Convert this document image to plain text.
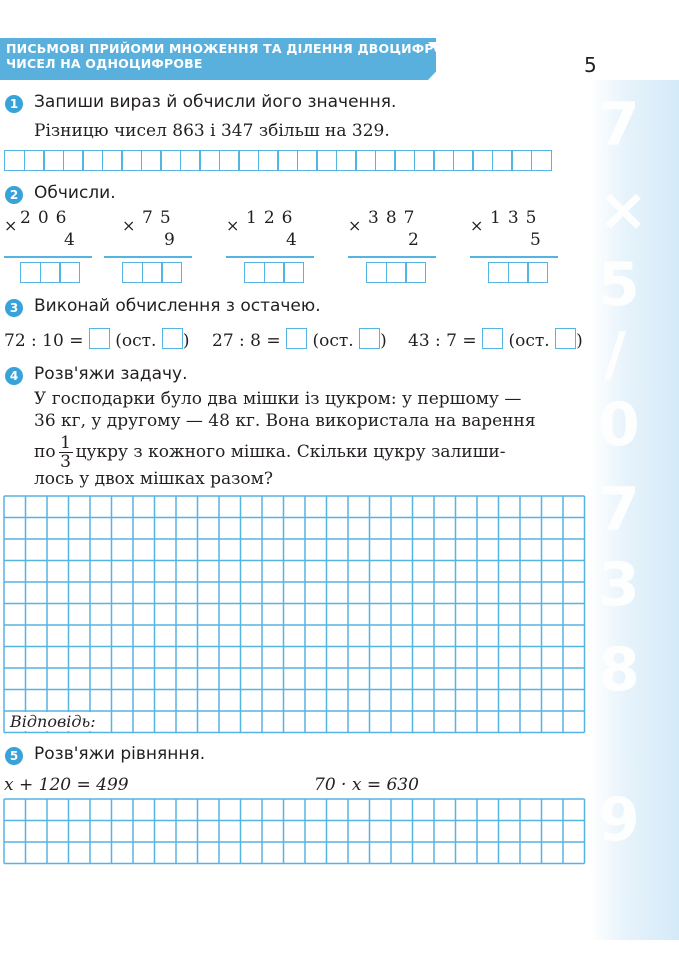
ПИСЬМОВІ ПРИЙОМИ МНОЖЕННЯ ТА ДІЛЕННЯ ДВОЦИФРОВИХ
ЧИСЕЛ НА ОДНОЦИФРОВЕ	5
7
×
5
/
0
7
3
8
9
1 Запиши вираз й обчисли його значення.
Різницю чисел 863 і 347 збільш на 329.
2 Обчисли.
× 206
4
× 75
9
× 126
4
× 387
2
× 135
5
3 Виконай обчислення з остачею.
72 : 10 = (ост. ) 27 : 8 = (ост. ) 43 : 7 = (ост. )
4 Розв'яжи задачу.
У господарки було два мішки із цукром: у першому —
36 кг, у другому — 48 кг. Вона використала на варення
по $\frac{1}{3}$ цукру з кожного мішка. Скільки цукру залиши-
лось у двох мішках разом?
Відповідь:
5 Розв'яжи рівняння.
x + 120 = 499	70 · x = 630
